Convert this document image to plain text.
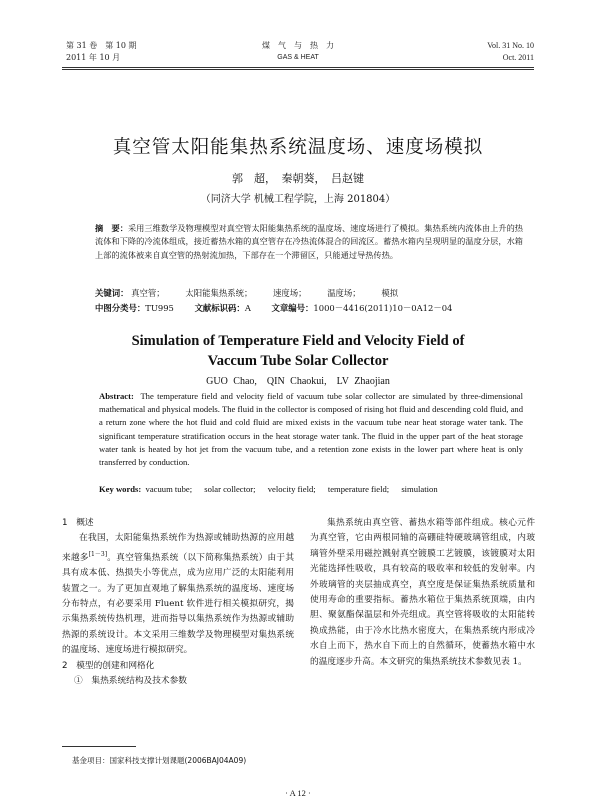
第 31 卷　第 10 期
2011 年 10 月
煤　气　与　热　力
GAS & HEAT
Vol. 31 No. 10
Oct. 2011
真空管太阳能集热系统温度场、速度场模拟
郭　超，　秦朝葵，　吕赵键
（同济大学 机械工程学院，上海 201804）
摘　要：采用三维数学及物理模型对真空管太阳能集热系统的温度场、速度场进行了模拟。集热系统内流体由上升的热流体和下降的冷流体组成，接近蓄热水箱的真空管存在冷热流体混合的回流区。蓄热水箱内呈现明显的温度分层，水箱上部的流体被来自真空管的热射流加热，下部存在一个滞留区，只能通过导热传热。
关键词： 真空管； 太阳能集热系统； 速度场； 温度场； 模拟
中图分类号：TU995 文献标识码：A 文章编号：1000－4416(2011)10－0A12－04
Simulation of Temperature Field and Velocity Field of
Vaccum Tube Solar Collector
GUO Chao,　QIN Chaokui,　LV Zhaojian
Abstract: The temperature field and velocity field of vacuum tube solar collector are simulated by three-dimensional mathematical and physical models. The fluid in the collector is composed of rising hot fluid and descending cold fluid, and a return zone where the hot fluid and cold fluid are mixed exists in the vacuum tube near heat storage water tank. The significant temperature stratification occurs in the heat storage water tank. The fluid in the upper part of the heat storage water tank is heated by hot jet from the vacuum tube, and a retention zone exists in the lower part where heat is only transferred by conduction.
Key words: vacuum tube; solar collector; velocity field; temperature field; simulation

1　概述

在我国，太阳能集热系统作为热源或辅助热源的应用越来越多[1－3]。真空管集热系统（以下简称集热系统）由于其具有成本低、热损失小等优点，成为应用广泛的太阳能利用装置之一。为了更加直观地了解集热系统的温度场、速度场分布特点，有必要采用 Fluent 软件进行相关模拟研究，揭示集热系统传热机理，进而指导以集热系统作为热源或辅助热源的系统设计。本文采用三维数学及物理模型对集热系统的温度场、速度场进行模拟研究。

2　模型的创建和网格化

①　集热系统结构及技术参数

集热系统由真空管、蓄热水箱等部件组成。核心元件为真空管，它由两根同轴的高硼硅特硬玻璃管组成，内玻璃管外壁采用磁控溅射真空镀膜工艺镀膜，该镀膜对太阳光能选择性吸收，具有较高的吸收率和较低的发射率。内外玻璃管的夹层抽成真空，真空度是保证集热系统质量和使用寿命的重要指标。蓄热水箱位于集热系统顶端，由内胆、聚氨酯保温层和外壳组成。真空管将吸收的太阳能转换成热能，由于冷水比热水密度大，在集热系统内形成冷水自上而下，热水自下而上的自然循环，使蓄热水箱中水的温度逐步升高。本文研究的集热系统技术参数见表 1。

基金项目：国家科技支撑计划课题(2006BAJ04A09)
· A 12 ·
